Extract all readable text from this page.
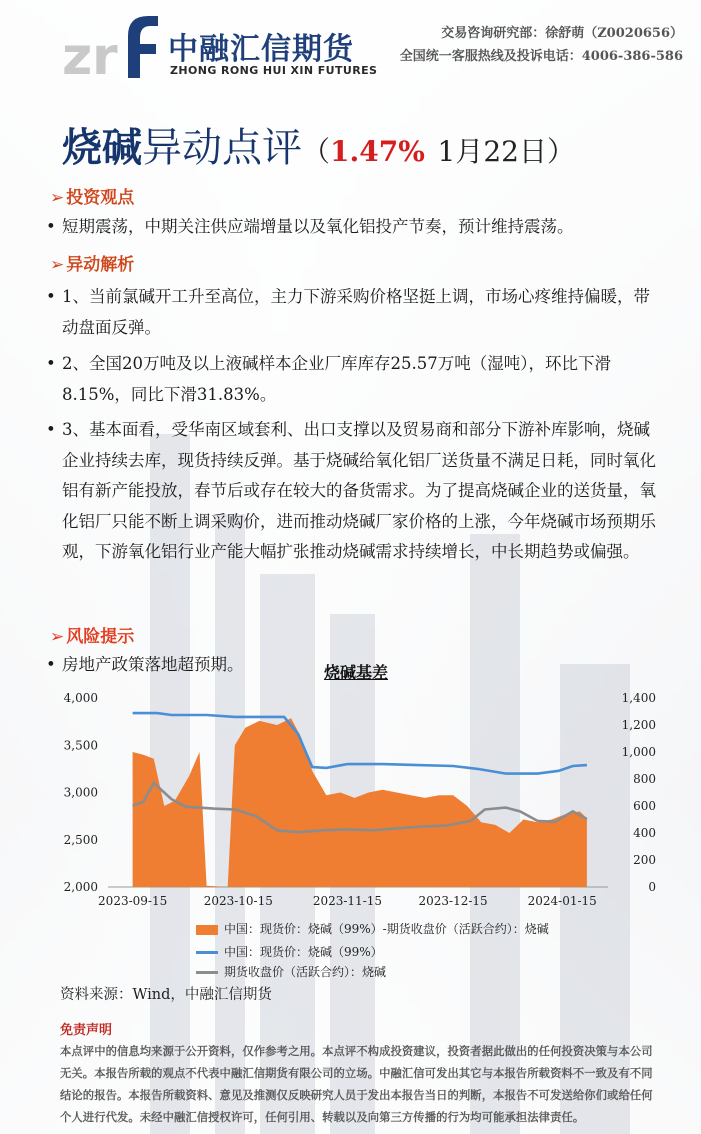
z r 中融汇信期货
ZHONG RONG HUI XIN FUTURES
交易咨询研究部：徐舒萌（Z0020656）
全国统一客服热线及投诉电话：4006-386-586
烧碱异动点评（1.47% 1月22日）
➢ 投资观点
• 短期震荡，中期关注供应端增量以及氧化铝投产节奏，预计维持震荡。
➢ 异动解析
• 1、当前氯碱开工升至高位，主力下游采购价格坚挺上调，市场心疼维持偏暖，带动盘面反弹。
• 2、全国20万吨及以上液碱样本企业厂库库存25.57万吨（湿吨），环比下滑8.15%，同比下滑31.83%。
• 3、基本面看，受华南区域套利、出口支撑以及贸易商和部分下游补库影响，烧碱企业持续去库，现货持续反弹。基于烧碱给氧化铝厂送货量不满足日耗，同时氧化铝有新产能投放，春节后或存在较大的备货需求。为了提高烧碱企业的送货量，氧化铝厂只能不断上调采购价，进而推动烧碱厂家价格的上涨，今年烧碱市场预期乐观，下游氧化铝行业产能大幅扩张推动烧碱需求持续增长，中长期趋势或偏强。
➢ 风险提示
• 房地产政策落地超预期。	烧碱基差
4,000
3,500
3,000
2,500
2,000
1,400
1,200
1,000
800
600
400
200
0
2023-09-15	2023-10-15	2023-11-15	2023-12-15	2024-01-15
中国：现货价：烧碱（99%）-期货收盘价（活跃合约）：烧碱
中国：现货价：烧碱（99%）
期货收盘价（活跃合约）：烧碱
资料来源：Wind，中融汇信期货
免责声明
本点评中的信息均来源于公开资料，仅作参考之用。本点评不构成投资建议，投资者据此做出的任何投资决策与本公司无关。本报告所载的观点不代表中融汇信期货有限公司的立场。中融汇信可发出其它与本报告所载资料不一致及有不同结论的报告。本报告所载资料、意见及推测仅反映研究人员于发出本报告当日的判断，本报告不可发送给你们或给任何个人进行代发。未经中融汇信授权许可，任何引用、转载以及向第三方传播的行为均可能承担法律责任。
